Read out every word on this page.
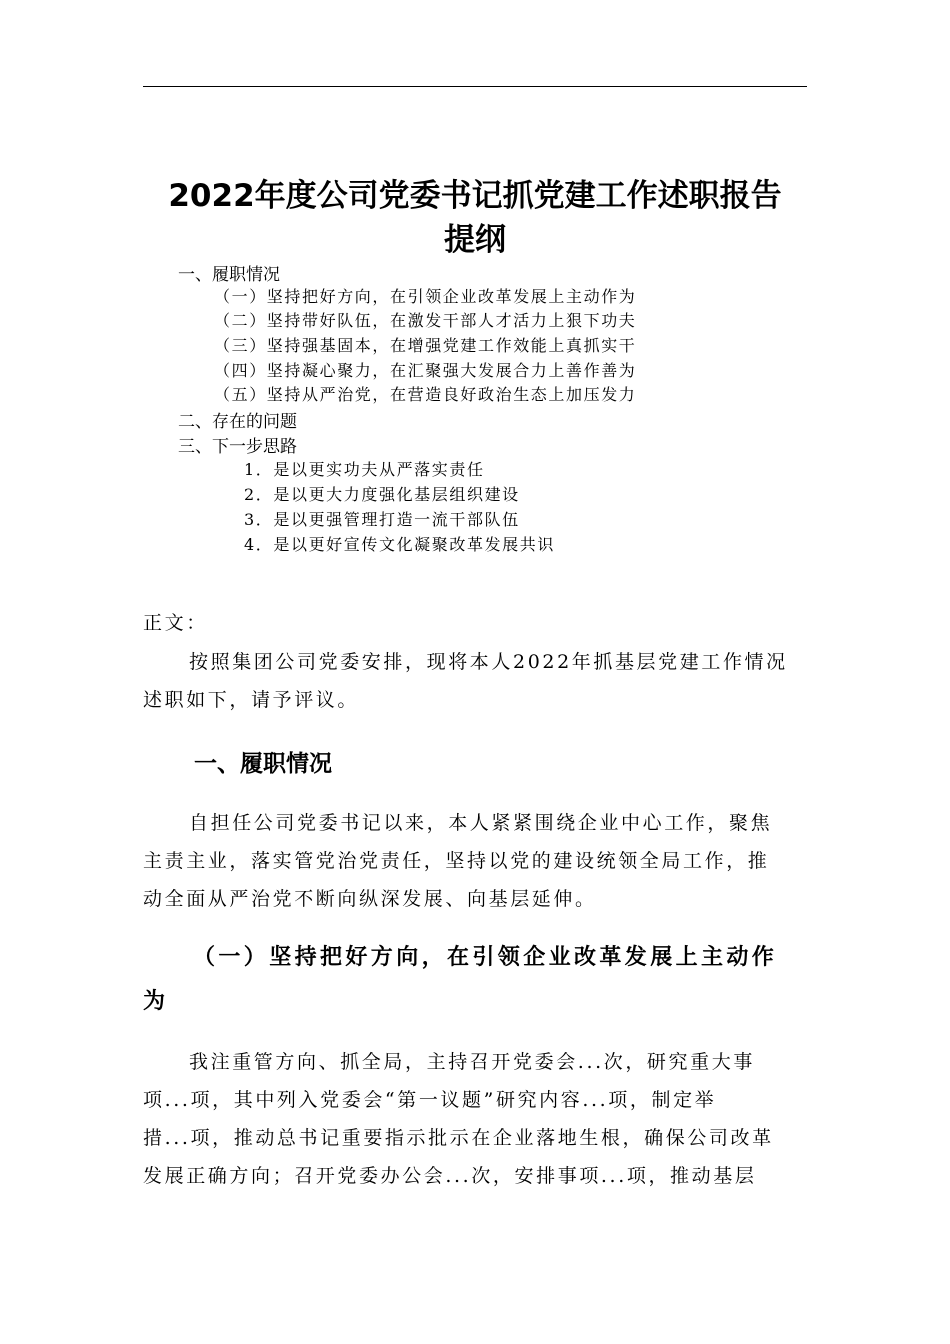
2022年度公司党委书记抓党建工作述职报告
提纲
一、履职情况
（一）坚持把好方向，在引领企业改革发展上主动作为
（二）坚持带好队伍，在激发干部人才活力上狠下功夫
（三）坚持强基固本，在增强党建工作效能上真抓实干
（四）坚持凝心聚力，在汇聚强大发展合力上善作善为
（五）坚持从严治党，在营造良好政治生态上加压发力
二、存在的问题
三、下一步思路
1．是以更实功夫从严落实责任
2．是以更大力度强化基层组织建设
3．是以更强管理打造一流干部队伍
4．是以更好宣传文化凝聚改革发展共识
正文：
按照集团公司党委安排，现将本人2022年抓基层党建工作情况
述职如下，请予评议。
一、履职情况
自担任公司党委书记以来，本人紧紧围绕企业中心工作，聚焦
主责主业，落实管党治党责任，坚持以党的建设统领全局工作，推
动全面从严治党不断向纵深发展、向基层延伸。
（一）坚持把好方向，在引领企业改革发展上主动作
为
我注重管方向、抓全局，主持召开党委会...次，研究重大事
项...项，其中列入党委会“第一议题”研究内容...项，制定举
措...项，推动总书记重要指示批示在企业落地生根，确保公司改革
发展正确方向；召开党委办公会...次，安排事项...项，推动基层
